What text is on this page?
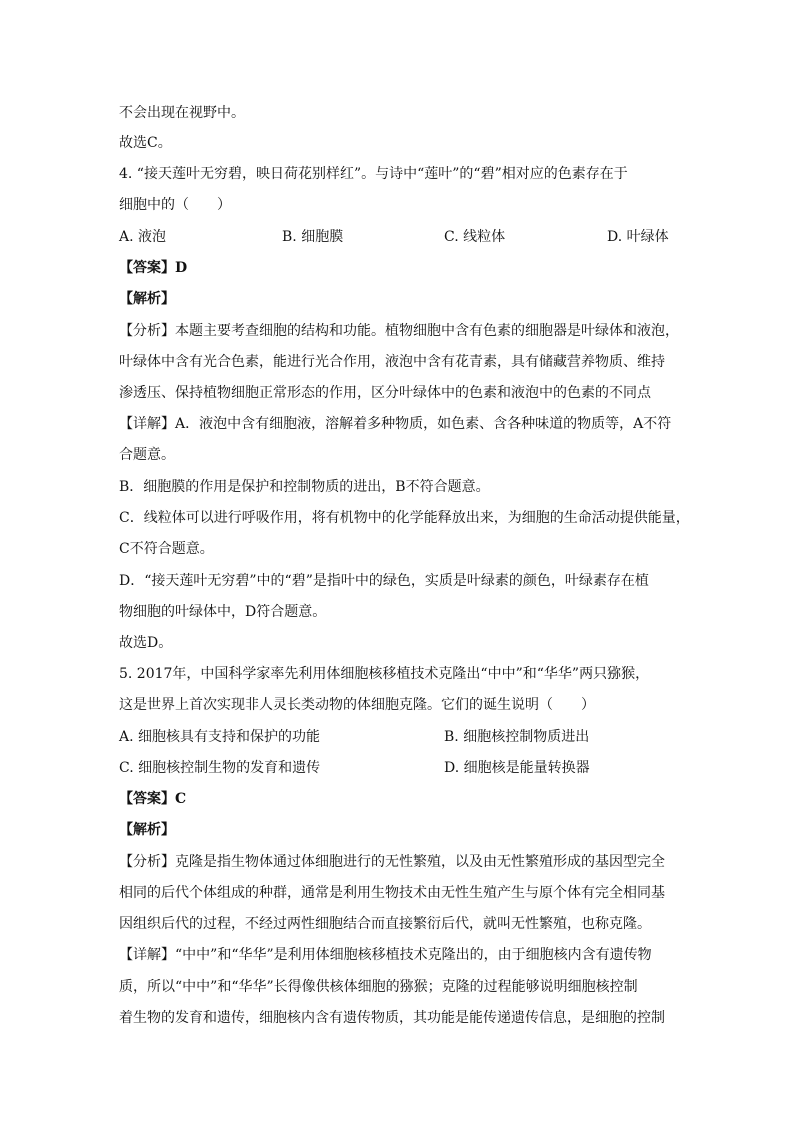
不会出现在视野中。
故选C。
4. “接天莲叶无穷碧，映日荷花别样红”。与诗中“莲叶”的“碧”相对应的色素存在于
细胞中的（　　）
A. 液泡	B. 细胞膜	C. 线粒体	D. 叶绿体
【答案】D
【解析】
【分析】本题主要考查细胞的结构和功能。植物细胞中含有色素的细胞器是叶绿体和液泡，
叶绿体中含有光合色素，能进行光合作用，液泡中含有花青素，具有储藏营养物质、维持
渗透压、保持植物细胞正常形态的作用，区分叶绿体中的色素和液泡中的色素的不同点
【详解】A．液泡中含有细胞液，溶解着多种物质，如色素、含各种味道的物质等，A不符
合题意。
B．细胞膜的作用是保护和控制物质的进出，B不符合题意。
C．线粒体可以进行呼吸作用，将有机物中的化学能释放出来，为细胞的生命活动提供能量，
C不符合题意。
D．“接天莲叶无穷碧”中的“碧”是指叶中的绿色，实质是叶绿素的颜色，叶绿素存在植
物细胞的叶绿体中，D符合题意。
故选D。
5. 2017年，中国科学家率先利用体细胞核移植技术克隆出“中中”和“华华”两只猕猴，
这是世界上首次实现非人灵长类动物的体细胞克隆。它们的诞生说明（　　）
A. 细胞核具有支持和保护的功能	B. 细胞核控制物质进出
C. 细胞核控制生物的发育和遗传	D. 细胞核是能量转换器
【答案】C
【解析】
【分析】克隆是指生物体通过体细胞进行的无性繁殖，以及由无性繁殖形成的基因型完全
相同的后代个体组成的种群，通常是利用生物技术由无性生殖产生与原个体有完全相同基
因组织后代的过程，不经过两性细胞结合而直接繁衍后代，就叫无性繁殖，也称克隆。
【详解】“中中”和“华华”是利用体细胞核移植技术克隆出的，由于细胞核内含有遗传物
质，所以“中中”和“华华”长得像供核体细胞的猕猴；克隆的过程能够说明细胞核控制
着生物的发育和遗传，细胞核内含有遗传物质，其功能是能传递遗传信息，是细胞的控制
